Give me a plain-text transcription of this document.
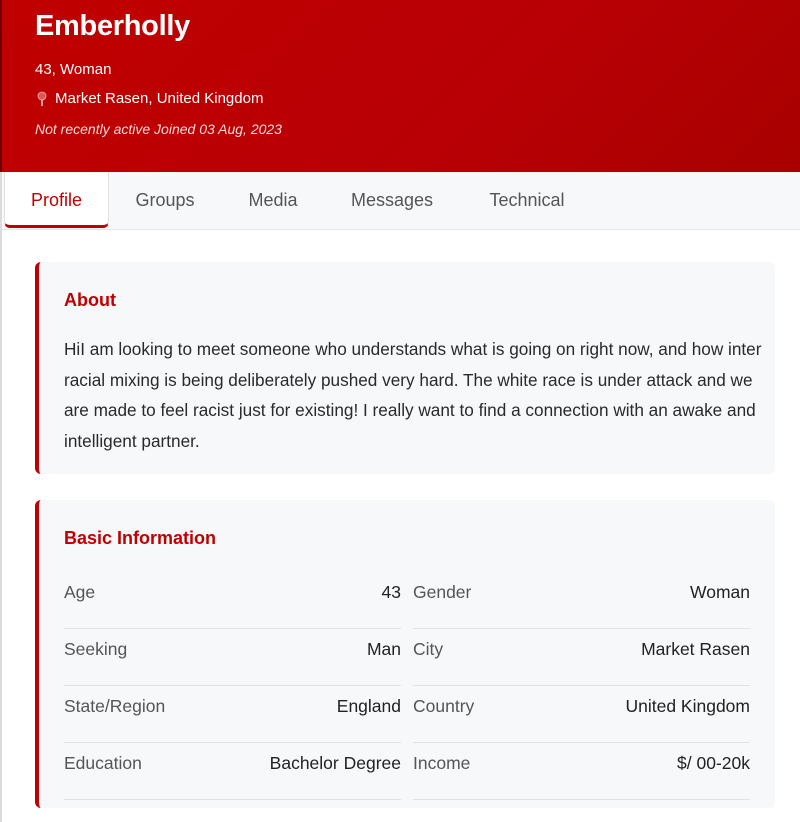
Emberholly
43, Woman
Market Rasen, United Kingdom
Not recently active Joined 03 Aug, 2023
Profile	Groups	Media	Messages	Technical
About
HiI am looking to meet someone who understands what is going on right now, and how inter racial mixing is being deliberately pushed very hard. The white race is under attack and we are made to feel racist just for existing! I really want to find a connection with an awake and intelligent partner.
Basic Information
Age	43 Gender	Woman
Seeking	Man City	Market Rasen
State/Region	England Country	United Kingdom
Education	Bachelor Degree Income	$/ 00-20k
